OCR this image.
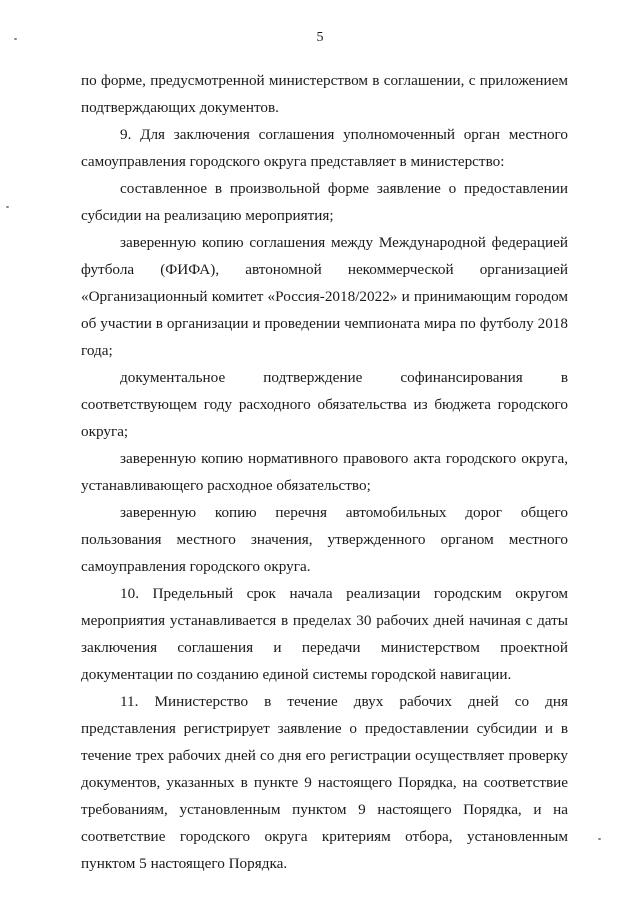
5

по форме, предусмотренной министерством в соглашении, с приложением подтверждающих документов.

9. Для заключения соглашения уполномоченный орган местного самоуправления городского округа представляет в министерство:

составленное в произвольной форме заявление о предоставлении субсидии на реализацию мероприятия;

заверенную копию соглашения между Международной федерацией футбола (ФИФА), автономной некоммерческой организацией «Организационный комитет «Россия-2018/2022» и принимающим городом об участии в организации и проведении чемпионата мира по футболу 2018 года;

документальное подтверждение софинансирования в соответствующем году расходного обязательства из бюджета городского округа;

заверенную копию нормативного правового акта городского округа, устанавливающего расходное обязательство;

заверенную копию перечня автомобильных дорог общего пользования местного значения, утвержденного органом местного самоуправления городского округа.

10. Предельный срок начала реализации городским округом мероприятия устанавливается в пределах 30 рабочих дней начиная с даты заключения соглашения и передачи министерством проектной документации по созданию единой системы городской навигации.

11. Министерство в течение двух рабочих дней со дня представления регистрирует заявление о предоставлении субсидии и в течение трех рабочих дней со дня его регистрации осуществляет проверку документов, указанных в пункте 9 настоящего Порядка, на соответствие требованиям, установленным пунктом 9 настоящего Порядка, и на соответствие городского округа критериям отбора, установленным пунктом 5 настоящего Порядка.
